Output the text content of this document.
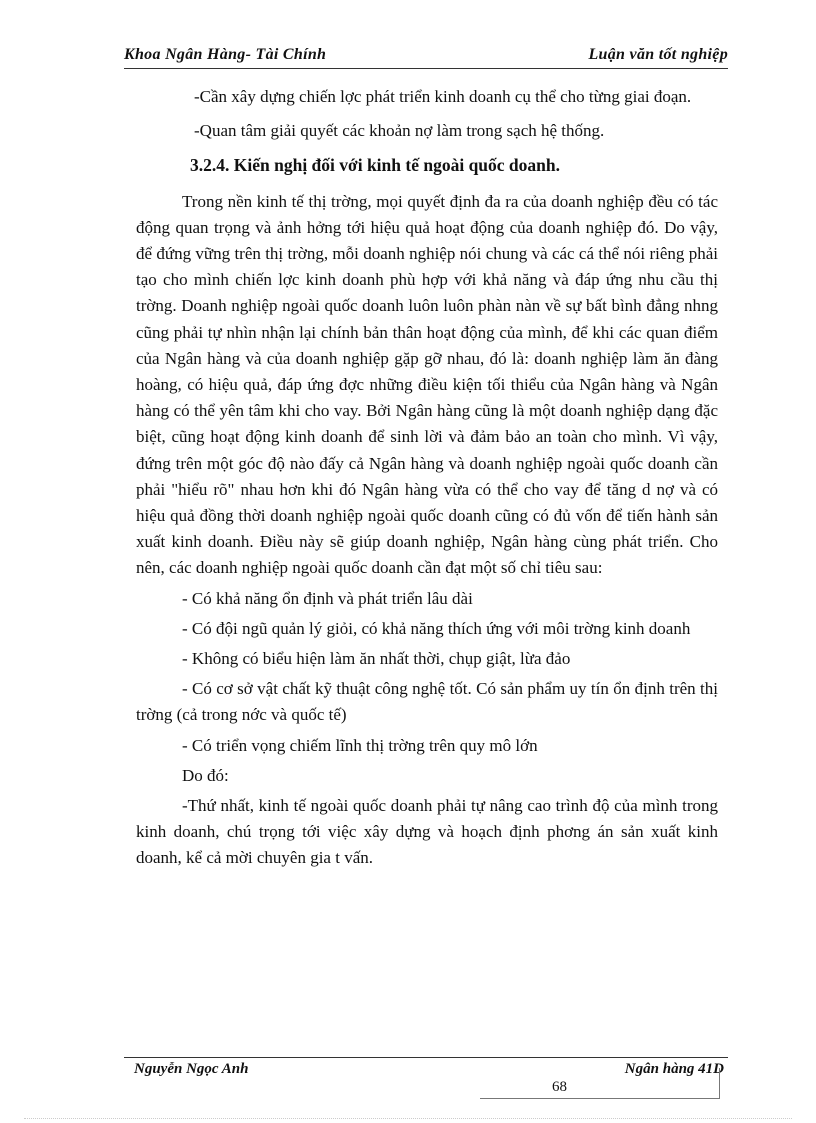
Khoa Ngân Hàng- Tài Chính	Luận văn tốt nghiệp

-Cần xây dựng chiến lợc phát triển kinh doanh cụ thể cho từng giai đoạn.

-Quan tâm giải quyết các khoản nợ làm trong sạch hệ thống.

3.2.4. Kiến nghị đối với kinh tế ngoài quốc doanh.

Trong nền kinh tế thị trờng, mọi quyết định đa ra của doanh nghiệp đều có tác động quan trọng và ảnh hởng tới hiệu quả hoạt động của doanh nghiệp đó. Do vậy, để đứng vững trên thị trờng, mỗi doanh nghiệp nói chung và các cá thể nói riêng phải tạo cho mình chiến lợc kinh doanh phù hợp với khả năng và đáp ứng nhu cầu thị trờng. Doanh nghiệp ngoài quốc doanh luôn luôn phàn nàn về sự bất bình đẳng nhng cũng phải tự nhìn nhận lại chính bản thân hoạt động của mình, để khi các quan điểm của Ngân hàng và của doanh nghiệp gặp gỡ nhau, đó là: doanh nghiệp làm ăn đàng hoàng, có hiệu quả, đáp ứng đợc những điều kiện tối thiểu của Ngân hàng và Ngân hàng có thể yên tâm khi cho vay. Bởi Ngân hàng cũng là một doanh nghiệp dạng đặc biệt, cũng hoạt động kinh doanh để sinh lời và đảm bảo an toàn cho mình. Vì vậy, đứng trên một góc độ nào đấy cả Ngân hàng và doanh nghiệp ngoài quốc doanh cần phải "hiểu rõ" nhau hơn khi đó Ngân hàng vừa có thể cho vay để tăng d nợ và có hiệu quả đồng thời doanh nghiệp ngoài quốc doanh cũng có đủ vốn để tiến hành sản xuất kinh doanh. Điều này sẽ giúp doanh nghiệp, Ngân hàng cùng phát triển. Cho nên, các doanh nghiệp ngoài quốc doanh cần đạt một số chỉ tiêu sau:

- Có khả năng ổn định và phát triển lâu dài

- Có đội ngũ quản lý giỏi, có khả năng thích ứng với môi trờng kinh doanh

- Không có biểu hiện làm ăn nhất thời, chụp giật, lừa đảo

- Có cơ sở vật chất kỹ thuật công nghệ tốt. Có sản phẩm uy tín ổn định trên thị trờng (cả trong nớc và quốc tế)

- Có triển vọng chiếm lĩnh thị trờng trên quy mô lớn

Do đó:

-Thứ nhất, kinh tế ngoài quốc doanh phải tự nâng cao trình độ của mình trong kinh doanh, chú trọng tới việc xây dựng và hoạch định phơng án sản xuất kinh doanh, kể cả mời chuyên gia t vấn.

Nguyễn Ngọc Anh	Ngân hàng 41D
68
